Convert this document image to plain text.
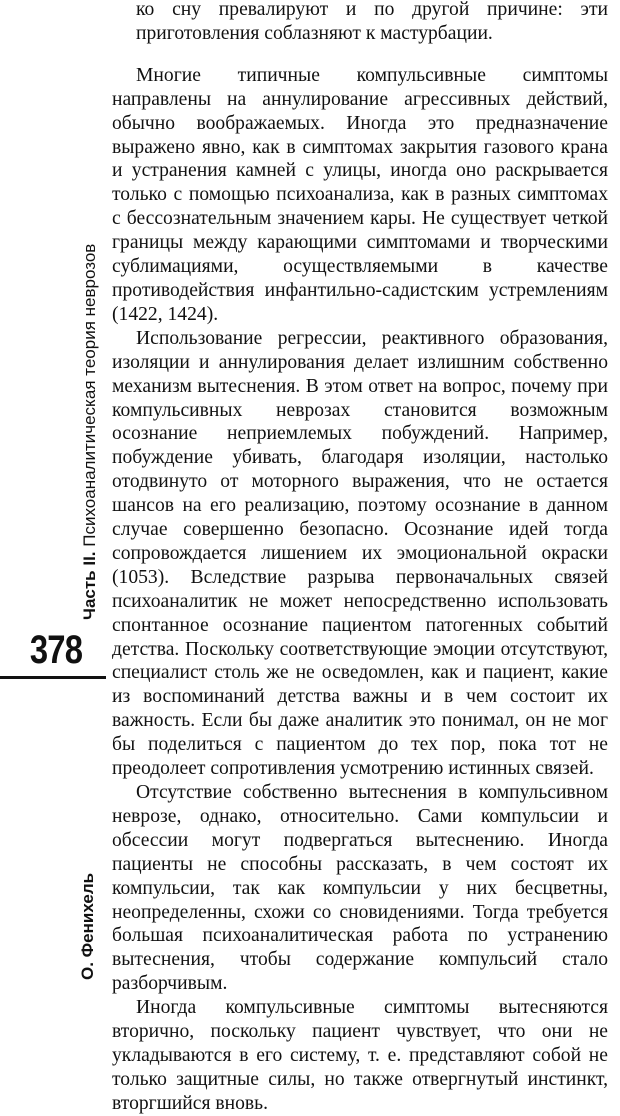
Часть II. Психоаналитическая теория неврозов
378
О. Фенихель

ко сну превалируют и по другой причине: эти приготовления соблазняют к мастурбации.

Многие типичные компульсивные симптомы направлены на аннулирование агрессивных действий, обычно воображаемых. Иногда это предназначение выражено явно, как в симптомах закрытия газового крана и устранения камней с улицы, иногда оно раскрывается только с помощью психоанализа, как в разных симптомах с бессознательным значением кары. Не существует четкой границы между карающими симптомами и творческими сублимациями, осуществляемыми в качестве противодействия инфантильно-садистским устремлениям (1422, 1424).

Использование регрессии, реактивного образования, изоляции и аннулирования делает излишним собственно механизм вытеснения. В этом ответ на вопрос, почему при компульсивных неврозах становится возможным осознание неприемлемых побуждений. Например, побуждение убивать, благодаря изоляции, настолько отодвинуто от моторного выражения, что не остается шансов на его реализацию, поэтому осознание в данном случае совершенно безопасно. Осознание идей тогда сопровождается лишением их эмоциональной окраски (1053). Вследствие разрыва первоначальных связей психоаналитик не может непосредственно использовать спонтанное осознание пациентом патогенных событий детства. Поскольку соответствующие эмоции отсутствуют, специалист столь же не осведомлен, как и пациент, какие из воспоминаний детства важны и в чем состоит их важность. Если бы даже аналитик это понимал, он не мог бы поделиться с пациентом до тех пор, пока тот не преодолеет сопротивления усмотрению истинных связей.

Отсутствие собственно вытеснения в компульсивном неврозе, однако, относительно. Сами компульсии и обсессии могут подвергаться вытеснению. Иногда пациенты не способны рассказать, в чем состоят их компульсии, так как компульсии у них бесцветны, неопределенны, схожи со сновидениями. Тогда требуется большая психоаналитическая работа по устранению вытеснения, чтобы содержание компульсий стало разборчивым.

Иногда компульсивные симптомы вытесняются вторично, поскольку пациент чувствует, что они не укладываются в его систему, т. е. представляют собой не только защитные силы, но также отвергнутый инстинкт, вторгшийся вновь.
